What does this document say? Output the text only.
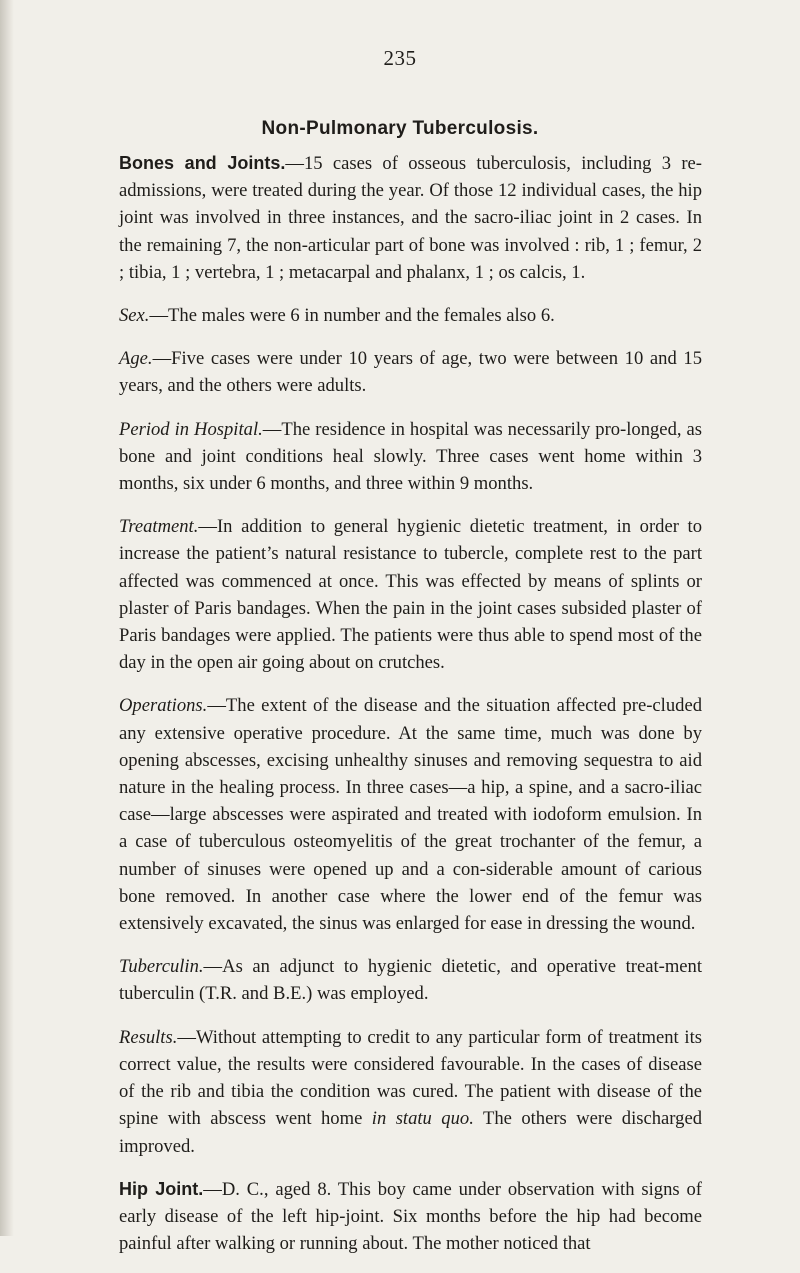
235
Non-Pulmonary Tuberculosis.

Bones and Joints.—15 cases of osseous tuberculosis, including 3 re-admissions, were treated during the year. Of those 12 individual cases, the hip joint was involved in three instances, and the sacro-iliac joint in 2 cases. In the remaining 7, the non-articular part of bone was involved : rib, 1 ; femur, 2 ; tibia, 1 ; vertebra, 1 ; metacarpal and phalanx, 1 ; os calcis, 1.

Sex.—The males were 6 in number and the females also 6.

Age.—Five cases were under 10 years of age, two were between 10 and 15 years, and the others were adults.

Period in Hospital.—The residence in hospital was necessarily pro-longed, as bone and joint conditions heal slowly. Three cases went home within 3 months, six under 6 months, and three within 9 months.

Treatment.—In addition to general hygienic dietetic treatment, in order to increase the patient’s natural resistance to tubercle, complete rest to the part affected was commenced at once. This was effected by means of splints or plaster of Paris bandages. When the pain in the joint cases subsided plaster of Paris bandages were applied. The patients were thus able to spend most of the day in the open air going about on crutches.

Operations.—The extent of the disease and the situation affected pre-cluded any extensive operative procedure. At the same time, much was done by opening abscesses, excising unhealthy sinuses and removing sequestra to aid nature in the healing process. In three cases—a hip, a spine, and a sacro-iliac case—large abscesses were aspirated and treated with iodoform emulsion. In a case of tuberculous osteomyelitis of the great trochanter of the femur, a number of sinuses were opened up and a con-siderable amount of carious bone removed. In another case where the lower end of the femur was extensively excavated, the sinus was enlarged for ease in dressing the wound.

Tuberculin.—As an adjunct to hygienic dietetic, and operative treat-ment tuberculin (T.R. and B.E.) was employed.

Results.—Without attempting to credit to any particular form of treatment its correct value, the results were considered favourable. In the cases of disease of the rib and tibia the condition was cured. The patient with disease of the spine with abscess went home in statu quo. The others were discharged improved.

Hip Joint.—D. C., aged 8. This boy came under observation with signs of early disease of the left hip-joint. Six months before the hip had become painful after walking or running about. The mother noticed that
